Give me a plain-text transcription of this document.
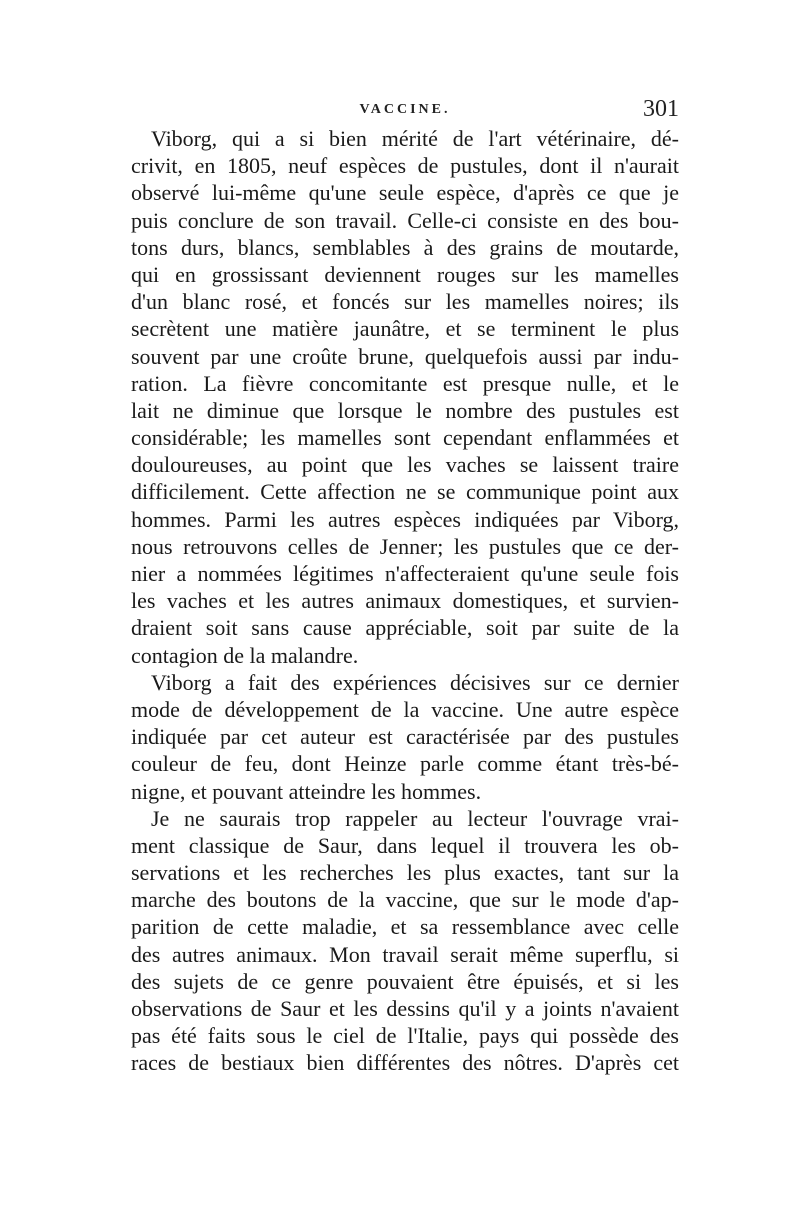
VACCINE.	301
Viborg, qui a si bien mérité de l'art vétérinaire, dé-
crivit, en 1805, neuf espèces de pustules, dont il n'aurait
observé lui-même qu'une seule espèce, d'après ce que je
puis conclure de son travail. Celle-ci consiste en des bou-
tons durs, blancs, semblables à des grains de moutarde,
qui en grossissant deviennent rouges sur les mamelles
d'un blanc rosé, et foncés sur les mamelles noires; ils
secrètent une matière jaunâtre, et se terminent le plus
souvent par une croûte brune, quelquefois aussi par indu-
ration. La fièvre concomitante est presque nulle, et le
lait ne diminue que lorsque le nombre des pustules est
considérable; les mamelles sont cependant enflammées et
douloureuses, au point que les vaches se laissent traire
difficilement. Cette affection ne se communique point aux
hommes. Parmi les autres espèces indiquées par Viborg,
nous retrouvons celles de Jenner; les pustules que ce der-
nier a nommées légitimes n'affecteraient qu'une seule fois
les vaches et les autres animaux domestiques, et survien-
draient soit sans cause appréciable, soit par suite de la
contagion de la malandre.
Viborg a fait des expériences décisives sur ce dernier
mode de développement de la vaccine. Une autre espèce
indiquée par cet auteur est caractérisée par des pustules
couleur de feu, dont Heinze parle comme étant très-bé-
nigne, et pouvant atteindre les hommes.
Je ne saurais trop rappeler au lecteur l'ouvrage vrai-
ment classique de Saur, dans lequel il trouvera les ob-
servations et les recherches les plus exactes, tant sur la
marche des boutons de la vaccine, que sur le mode d'ap-
parition de cette maladie, et sa ressemblance avec celle
des autres animaux. Mon travail serait même superflu, si
des sujets de ce genre pouvaient être épuisés, et si les
observations de Saur et les dessins qu'il y a joints n'avaient
pas été faits sous le ciel de l'Italie, pays qui possède des
races de bestiaux bien différentes des nôtres. D'après cet
